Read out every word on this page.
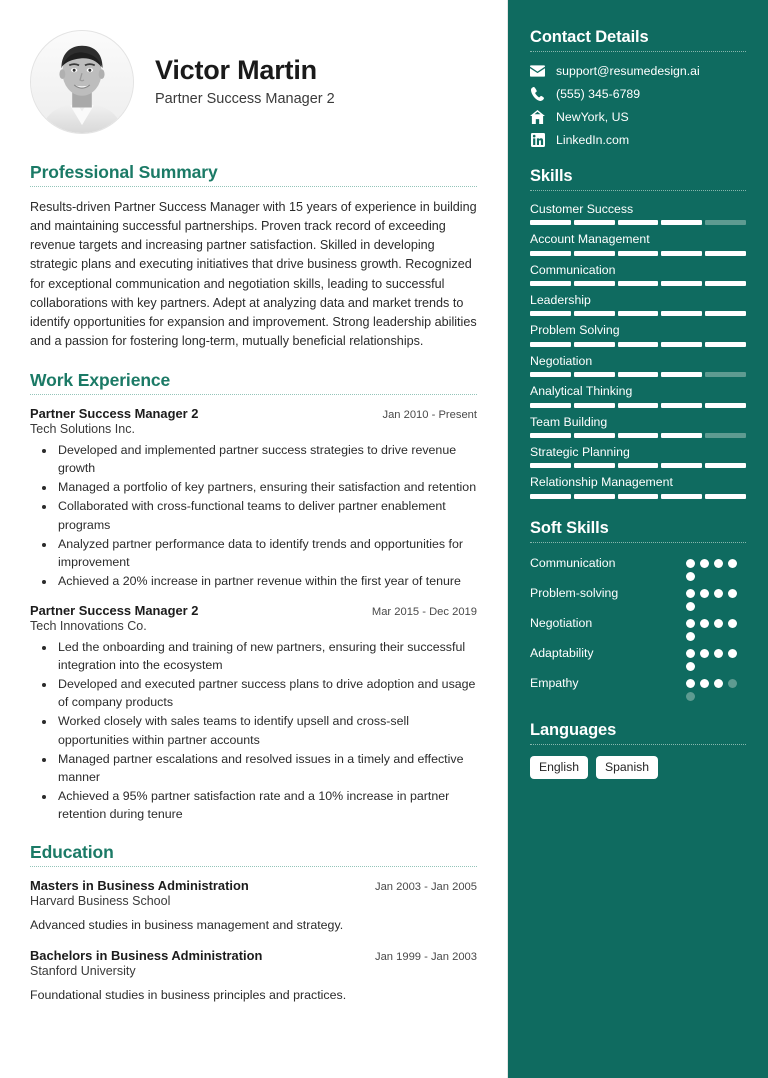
Victor Martin
Partner Success Manager 2
Professional Summary
Results-driven Partner Success Manager with 15 years of experience in building and maintaining successful partnerships. Proven track record of exceeding revenue targets and increasing partner satisfaction. Skilled in developing strategic plans and executing initiatives that drive business growth. Recognized for exceptional communication and negotiation skills, leading to successful collaborations with key partners. Adept at analyzing data and market trends to identify opportunities for expansion and improvement. Strong leadership abilities and a passion for fostering long-term, mutually beneficial relationships.
Work Experience
Partner Success Manager 2	Jan 2010 - Present
Tech Solutions Inc.
• Developed and implemented partner success strategies to drive revenue growth
• Managed a portfolio of key partners, ensuring their satisfaction and retention
• Collaborated with cross-functional teams to deliver partner enablement programs
• Analyzed partner performance data to identify trends and opportunities for improvement
• Achieved a 20% increase in partner revenue within the first year of tenure
Partner Success Manager 2	Mar 2015 - Dec 2019
Tech Innovations Co.
• Led the onboarding and training of new partners, ensuring their successful integration into the ecosystem
• Developed and executed partner success plans to drive adoption and usage of company products
• Worked closely with sales teams to identify upsell and cross-sell opportunities within partner accounts
• Managed partner escalations and resolved issues in a timely and effective manner
• Achieved a 95% partner satisfaction rate and a 10% increase in partner retention during tenure
Education
Masters in Business Administration	Jan 2003 - Jan 2005
Harvard Business School
Advanced studies in business management and strategy.
Bachelors in Business Administration	Jan 1999 - Jan 2003
Stanford University
Foundational studies in business principles and practices.
Contact Details
support@resumedesign.ai
(555) 345-6789
NewYork, US
LinkedIn.com
Skills
Customer Success
Account Management
Communication
Leadership
Problem Solving
Negotiation
Analytical Thinking
Team Building
Strategic Planning
Relationship Management
Soft Skills
Communication
Problem-solving
Negotiation
Adaptability
Empathy
Languages
English	Spanish
